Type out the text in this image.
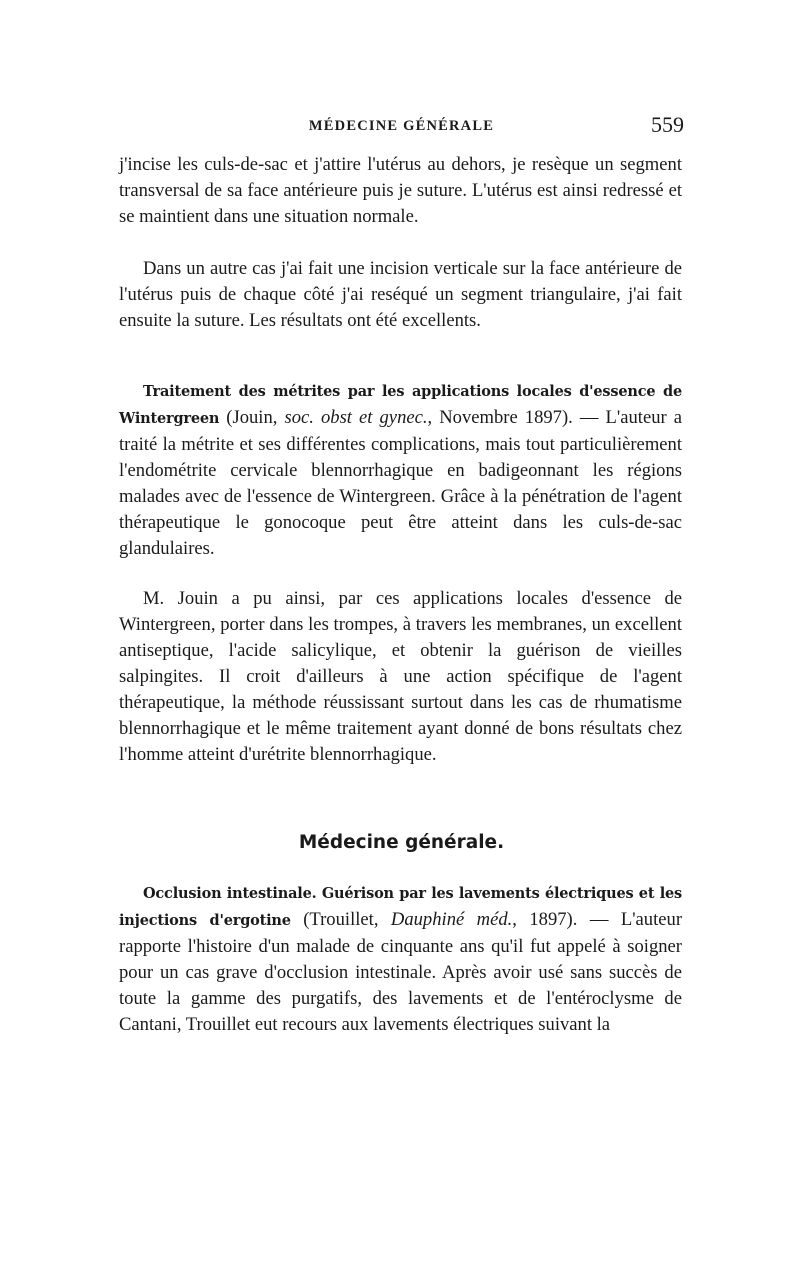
MÉDECINE GÉNÉRALE	559

j'incise les culs-de-sac et j'attire l'utérus au dehors, je resèque un segment transversal de sa face antérieure puis je suture. L'utérus est ainsi redressé et se maintient dans une situation normale.

Dans un autre cas j'ai fait une incision verticale sur la face antérieure de l'utérus puis de chaque côté j'ai reséqué un segment triangulaire, j'ai fait ensuite la suture. Les résultats ont été excellents.

Traitement des métrites par les applications locales d'essence de Wintergreen (Jouin, soc. obst et gynec., Novembre 1897). — L'auteur a traité la métrite et ses différentes complications, mais tout particulièrement l'endométrite cervicale blennorrhagique en badigeonnant les régions malades avec de l'essence de Wintergreen. Grâce à la pénétration de l'agent thérapeutique le gonocoque peut être atteint dans les culs-de-sac glandulaires.

M. Jouin a pu ainsi, par ces applications locales d'essence de Wintergreen, porter dans les trompes, à travers les membranes, un excellent antiseptique, l'acide salicylique, et obtenir la guérison de vieilles salpingites. Il croit d'ailleurs à une action spécifique de l'agent thérapeutique, la méthode réussissant surtout dans les cas de rhumatisme blennorrhagique et le même traitement ayant donné de bons résultats chez l'homme atteint d'urétrite blennorrhagique.

Médecine générale.

Occlusion intestinale. Guérison par les lavements électriques et les injections d'ergotine (Trouillet, Dauphiné méd., 1897). — L'auteur rapporte l'histoire d'un malade de cinquante ans qu'il fut appelé à soigner pour un cas grave d'occlusion intestinale. Après avoir usé sans succès de toute la gamme des purgatifs, des lavements et de l'entéroclysme de Cantani, Trouillet eut recours aux lavements électriques suivant la
